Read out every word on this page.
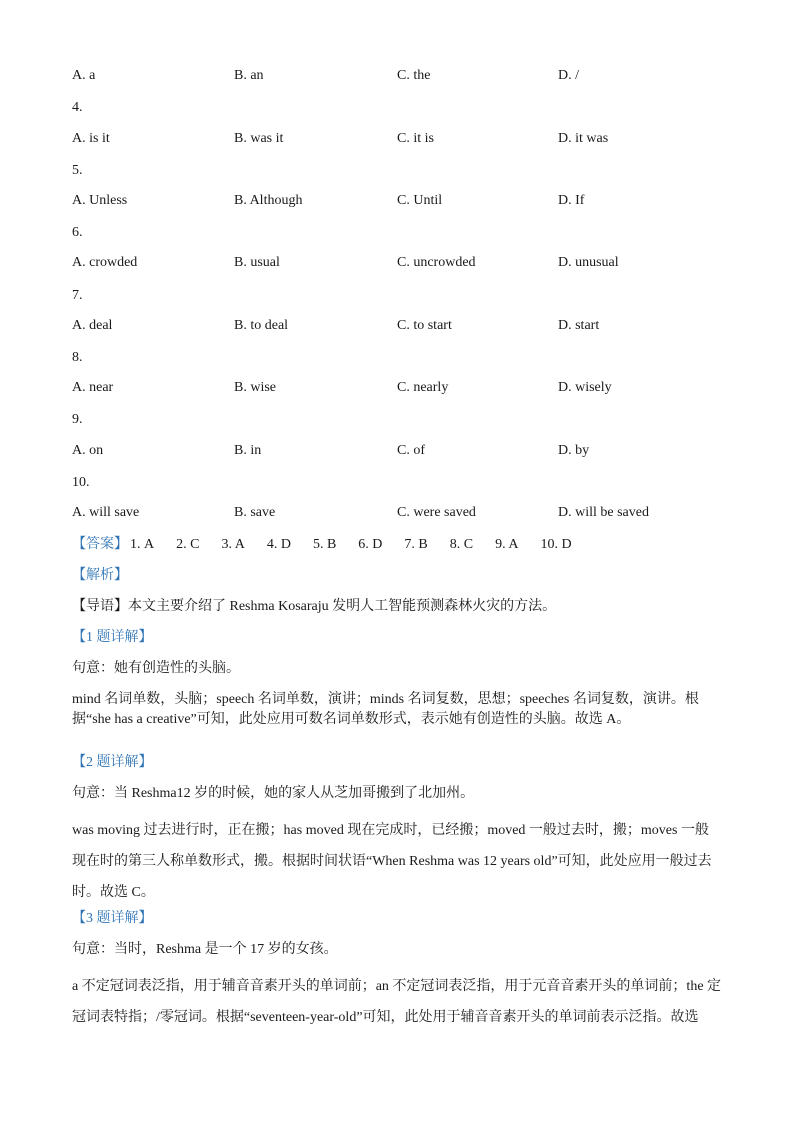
A. a	B. an	C. the	D. /
4.
A. is it	B. was it	C. it is	D. it was
5.
A. Unless	B. Although	C. Until	D. If
6.
A. crowded	B. usual	C. uncrowded	D. unusual
7.
A. deal	B. to deal	C. to start	D. start
8.
A. near	B. wise	C. nearly	D. wisely
9.
A. on	B. in	C. of	D. by
10.
A. will save	B. save	C. were saved	D. will be saved
【答案】 1. A 2. C 3. A 4. D 5. B 6. D 7. B 8. C 9. A 10. D
【解析】
【导语】本文主要介绍了 Reshma Kosaraju 发明人工智能预测森林火灾的方法。
【1 题详解】
句意：她有创造性的头脑。
mind 名词单数，头脑；speech 名词单数，演讲；minds 名词复数，思想；speeches 名词复数，演讲。根据“she has a creative”可知，此处应用可数名词单数形式，表示她有创造性的头脑。故选 A。
【2 题详解】
句意：当 Reshma12 岁的时候，她的家人从芝加哥搬到了北加州。
was moving 过去进行时，正在搬；has moved 现在完成时，已经搬；moved 一般过去时，搬；moves 一般现在时的第三人称单数形式，搬。根据时间状语“When Reshma was 12 years old”可知，此处应用一般过去时。故选 C。
【3 题详解】
句意：当时，Reshma 是一个 17 岁的女孩。
a 不定冠词表泛指，用于辅音音素开头的单词前；an 不定冠词表泛指，用于元音音素开头的单词前；the 定冠词表特指；/零冠词。根据“seventeen-year-old”可知，此处用于辅音音素开头的单词前表示泛指。故选
